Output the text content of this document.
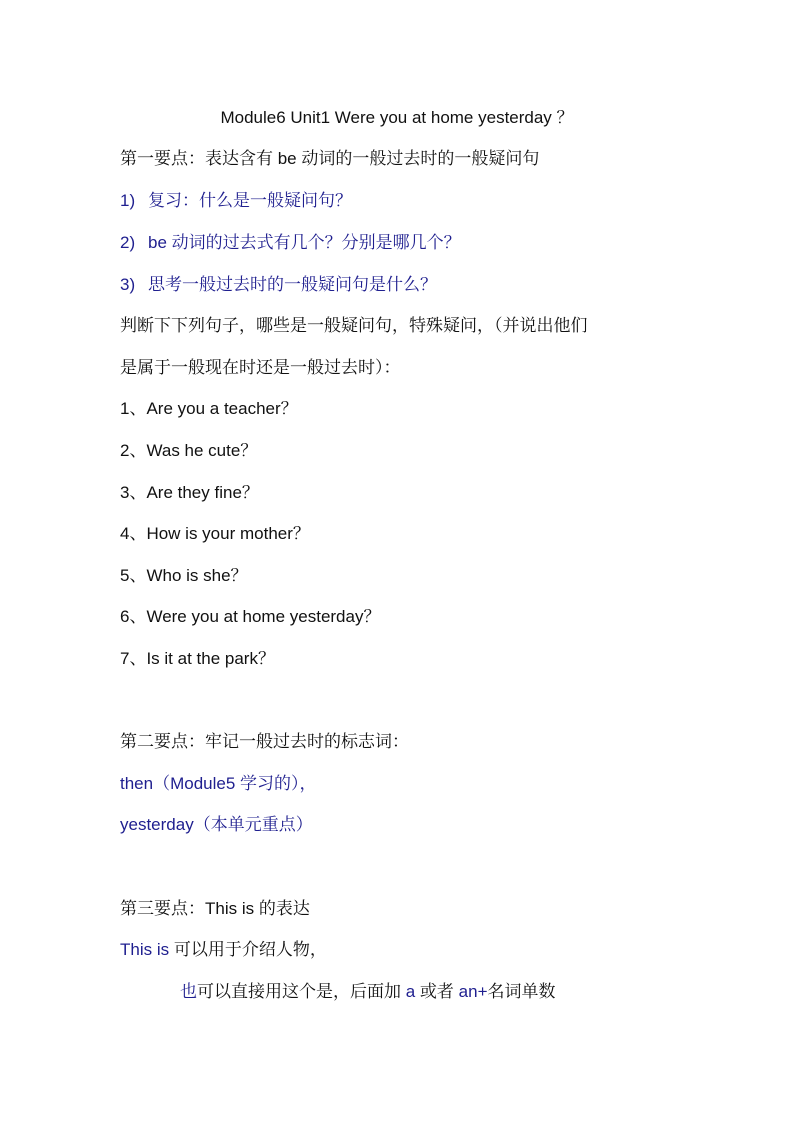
Module6 Unit1 Were you at home yesterday ？
第一要点：表达含有 be 动词的一般过去时的一般疑问句
1) 复习：什么是一般疑问句？
2) be 动词的过去式有几个？分别是哪几个？
3) 思考一般过去时的一般疑问句是什么？
判断下下列句子，哪些是一般疑问句，特殊疑问，（并说出他们
是属于一般现在时还是一般过去时）：
1、Are you a teacher？
2、Was he cute？
3、Are they fine？
4、How is your mother？
5、Who is she？
6、Were you at home yesterday？
7、Is it at the park？
第二要点：牢记一般过去时的标志词：
then（Module5 学习的），
yesterday（本单元重点）
第三要点：This is 的表达
This is 可以用于介绍人物，
也可以直接用这个是，后面加 a 或者 an+名词单数
